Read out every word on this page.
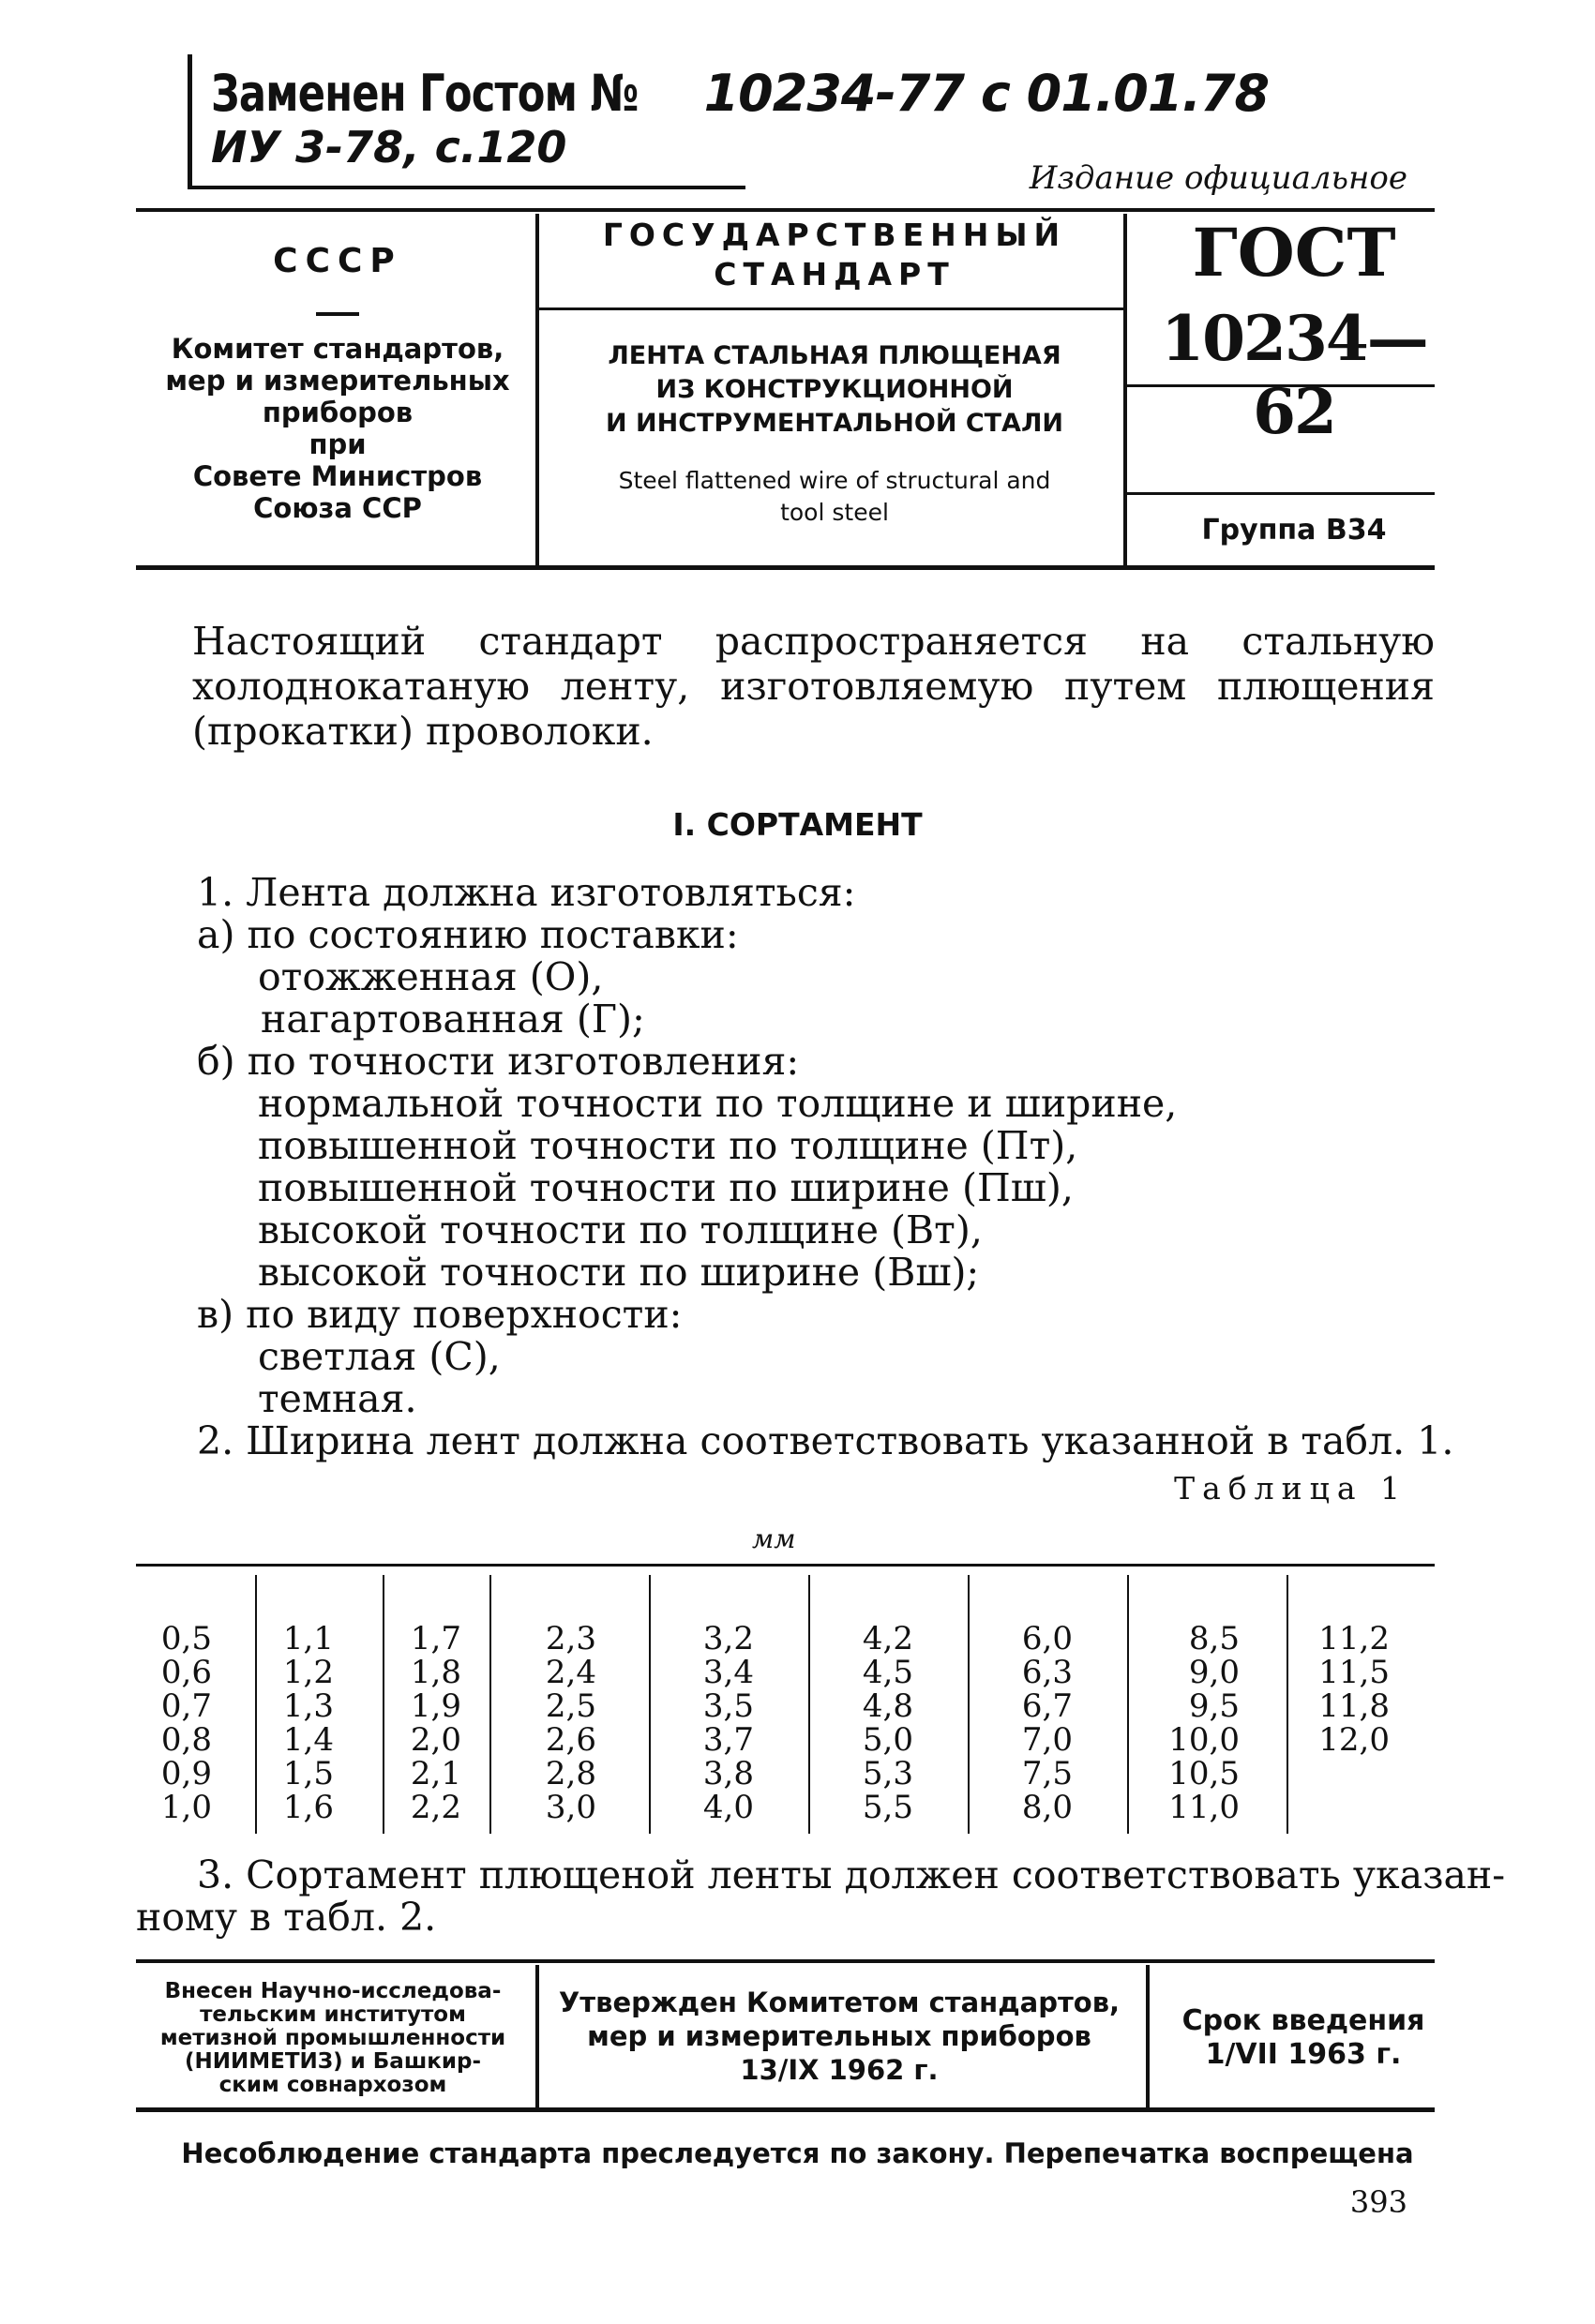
Заменен Гостом № 10234-77 с 01.01.78
ИУ 3-78, с.120
Издание официальное
СССР
Комитет стандартов,
мер и измерительных
приборов
при
Совете Министров
Союза ССР
ГОСУДАРСТВЕННЫЙ
СТАНДАРТ
ЛЕНТА СТАЛЬНАЯ ПЛЮЩЕНАЯ
ИЗ КОНСТРУКЦИОННОЙ
И ИНСТРУМЕНТАЛЬНОЙ СТАЛИ
Steel flattened wire of structural and
tool steel
ГОСТ
10234—62
Группа В34
Настоящий стандарт распространяется на стальную холоднокатаную ленту, изготовляемую путем плющения (прокатки) проволоки.
I. СОРТАМЕНТ
1. Лента должна изготовляться:
а) по состоянию поставки:
отожженная (О),
нагартованная (Г);
б) по точности изготовления:
нормальной точности по толщине и ширине,
повышенной точности по толщине (Пт),
повышенной точности по ширине (Пш),
высокой точности по толщине (Вт),
высокой точности по ширине (Вш);
в) по виду поверхности:
светлая (С),
темная.
2. Ширина лент должна соответствовать указанной в табл. 1.
Таблица 1
мм
0,5
0,6
0,7
0,8
0,9
1,0
1,1
1,2
1,3
1,4
1,5
1,6
1,7
1,8
1,9
2,0
2,1
2,2
2,3
2,4
2,5
2,6
2,8
3,0
3,2
3,4
3,5
3,7
3,8
4,0
4,2
4,5
4,8
5,0
5,3
5,5
6,0
6,3
6,7
7,0
7,5
8,0
8,5
9,0
9,5
10,0
10,5
11,0
11,2
11,5
11,8
12,0
3. Сортамент плющеной ленты должен соответствовать указан-
ному в табл. 2.
Внесен Научно-исследова-
тельским институтом
метизной промышленности
(НИИМЕТИЗ) и Башкир-
ским совнархозом
Утвержден Комитетом стандартов,
мер и измерительных приборов
13/IX 1962 г.
Срок введения
1/VII 1963 г.
Несоблюдение стандарта преследуется по закону. Перепечатка воспрещена
393
